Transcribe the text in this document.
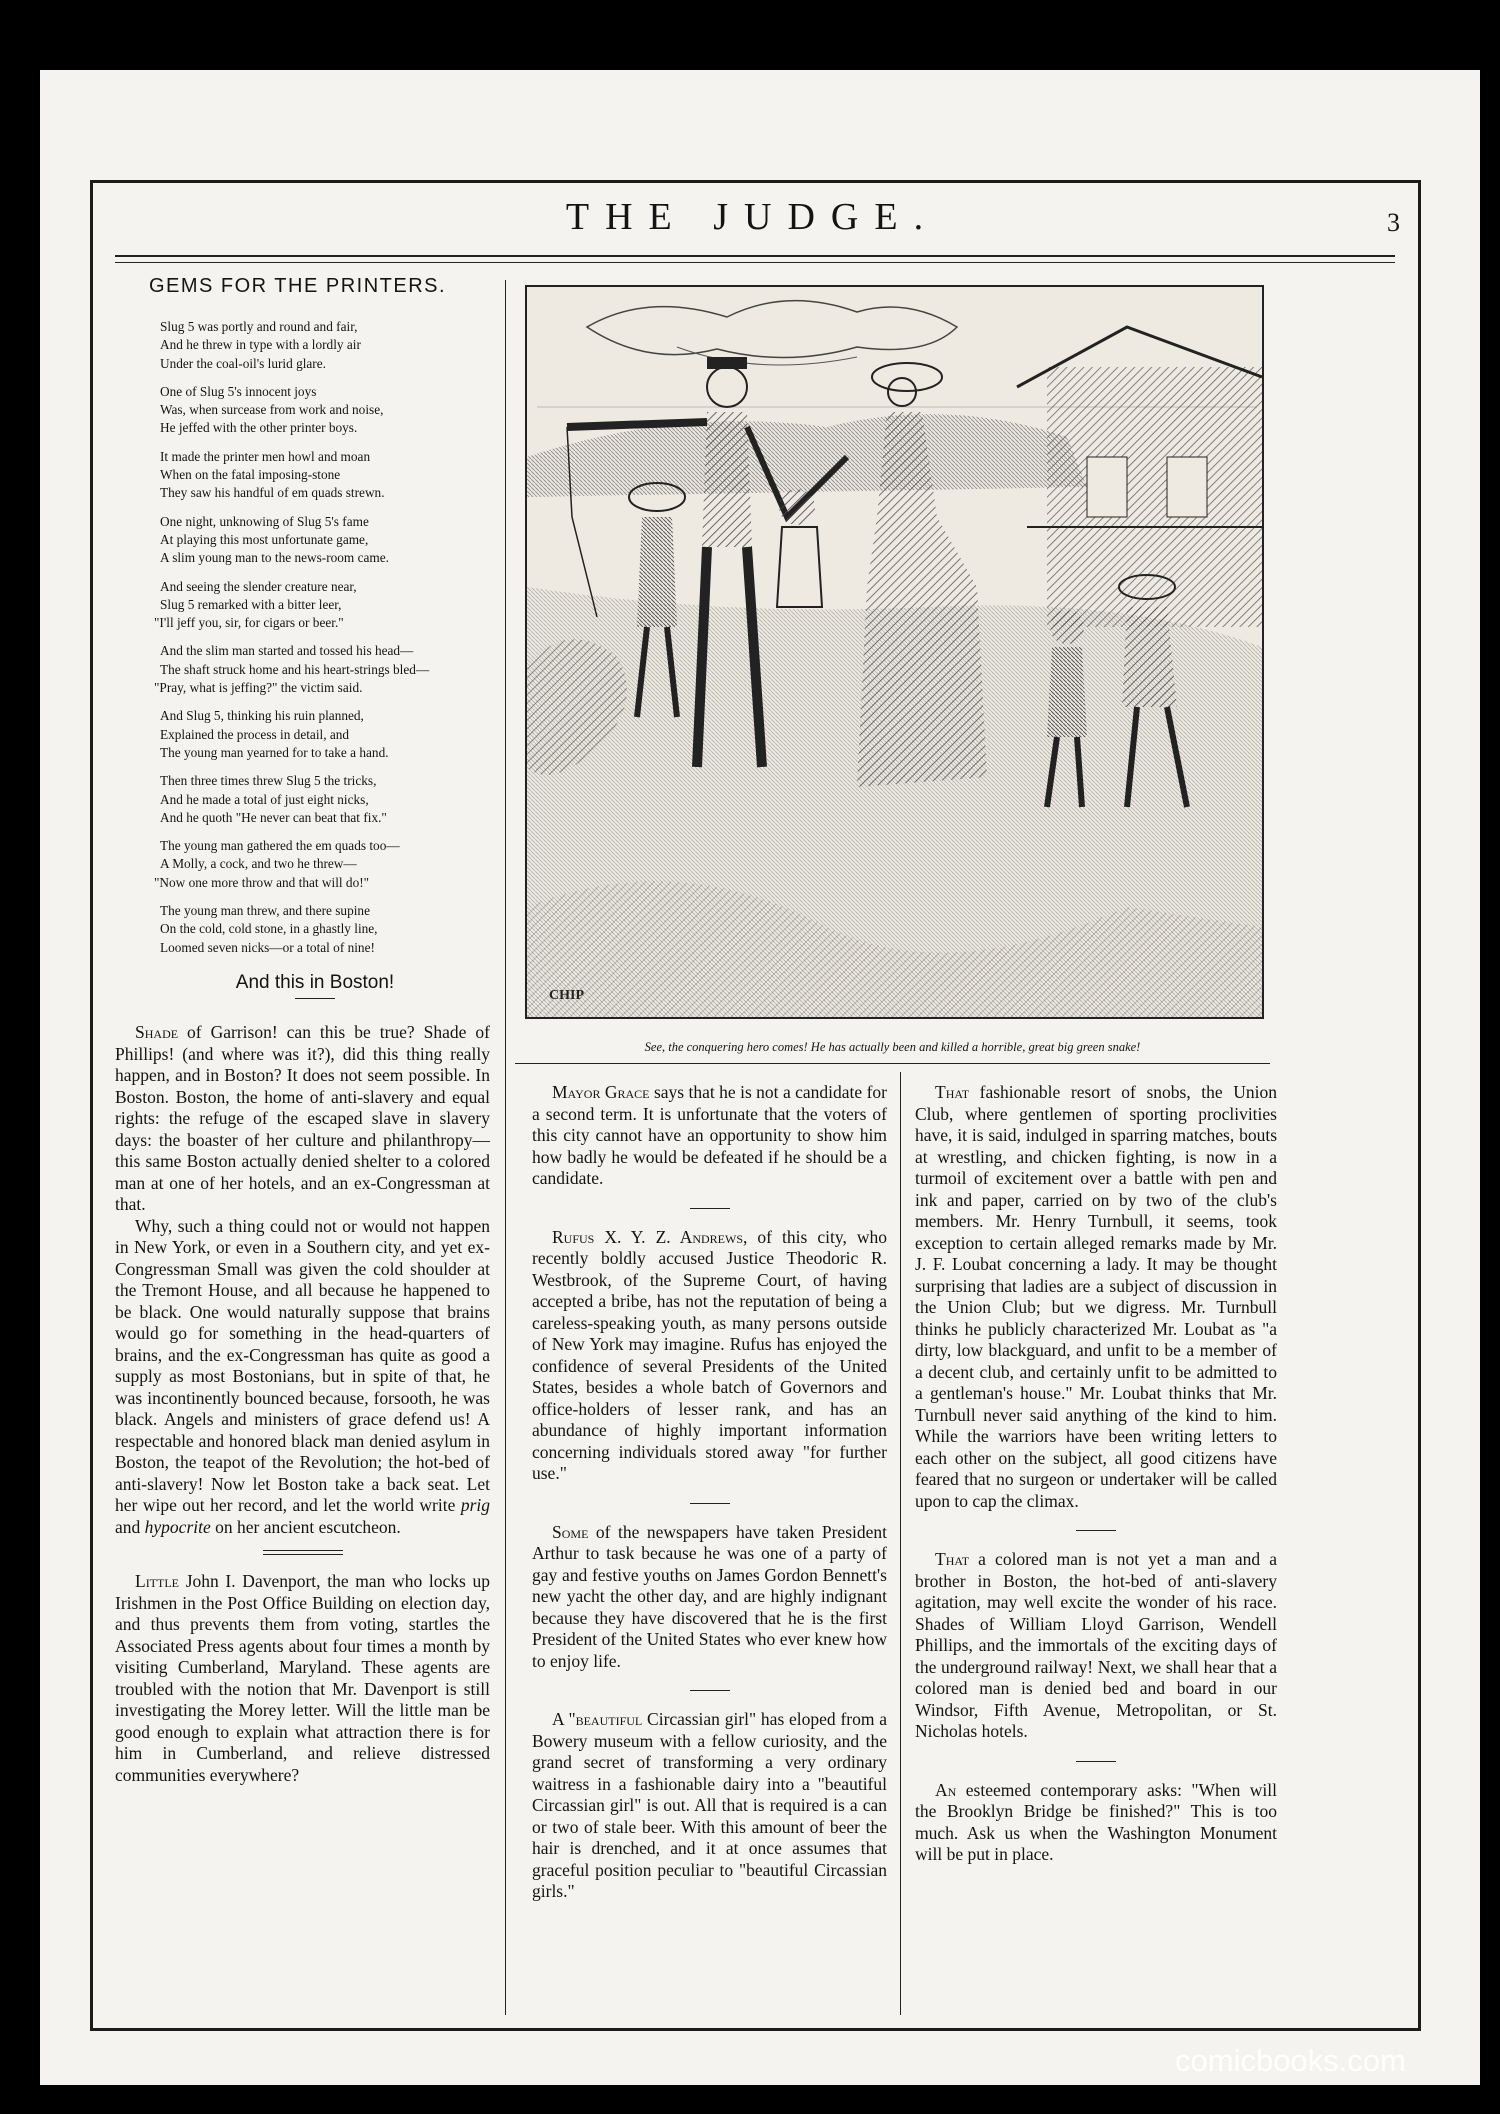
THE JUDGE.	3
GEMS FOR THE PRINTERS.
Slug 5 was portly and round and fair,
And he threw in type with a lordly air
Under the coal-oil's lurid glare.
One of Slug 5's innocent joys
Was, when surcease from work and noise,
He jeffed with the other printer boys.
It made the printer men howl and moan
When on the fatal imposing-stone
They saw his handful of em quads strewn.
One night, unknowing of Slug 5's fame
At playing this most unfortunate game,
A slim young man to the news-room came.
And seeing the slender creature near,
Slug 5 remarked with a bitter leer,
"I'll jeff you, sir, for cigars or beer."
And the slim man started and tossed his head—
The shaft struck home and his heart-strings bled—
"Pray, what is jeffing?" the victim said.
And Slug 5, thinking his ruin planned,
Explained the process in detail, and
The young man yearned for to take a hand.
Then three times threw Slug 5 the tricks,
And he made a total of just eight nicks,
And he quoth "He never can beat that fix."
The young man gathered the em quads too—
A Molly, a cock, and two he threw—
"Now one more throw and that will do!"
The young man threw, and there supine
On the cold, cold stone, in a ghastly line,
Loomed seven nicks—or a total of nine!
And this in Boston!

Shade of Garrison! can this be true? Shade of Phillips! (and where was it?), did this thing really happen, and in Boston? It does not seem possible. In Boston. Boston, the home of anti-slavery and equal rights: the refuge of the escaped slave in slavery days: the boaster of her culture and philanthropy—this same Boston actually denied shelter to a colored man at one of her hotels, and an ex-Congressman at that.

Why, such a thing could not or would not happen in New York, or even in a Southern city, and yet ex-Congressman Small was given the cold shoulder at the Tremont House, and all because he happened to be black. One would naturally suppose that brains would go for something in the head-quarters of brains, and the ex-Congressman has quite as good a supply as most Bostonians, but in spite of that, he was incontinently bounced because, forsooth, he was black. Angels and ministers of grace defend us! A respectable and honored black man denied asylum in Boston, the teapot of the Revolution; the hot-bed of anti-slavery! Now let Boston take a back seat. Let her wipe out her record, and let the world write prig and hypocrite on her ancient escutcheon.

Little John I. Davenport, the man who locks up Irishmen in the Post Office Building on election day, and thus prevents them from voting, startles the Associated Press agents about four times a month by visiting Cumberland, Maryland. These agents are troubled with the notion that Mr. Davenport is still investigating the Morey letter. Will the little man be good enough to explain what attraction there is for him in Cumberland, and relieve distressed communities everywhere?

CHIP
See, the conquering hero comes! He has actually been and killed a horrible, great big green snake!

Mayor Grace says that he is not a candidate for a second term. It is unfortunate that the voters of this city cannot have an opportunity to show him how badly he would be defeated if he should be a candidate.

Rufus X. Y. Z. Andrews, of this city, who recently boldly accused Justice Theodoric R. Westbrook, of the Supreme Court, of having accepted a bribe, has not the reputation of being a careless-speaking youth, as many persons outside of New York may imagine. Rufus has enjoyed the confidence of several Presidents of the United States, besides a whole batch of Governors and office-holders of lesser rank, and has an abundance of highly important information concerning individuals stored away "for further use."

Some of the newspapers have taken President Arthur to task because he was one of a party of gay and festive youths on James Gordon Bennett's new yacht the other day, and are highly indignant because they have discovered that he is the first President of the United States who ever knew how to enjoy life.

A "beautiful Circassian girl" has eloped from a Bowery museum with a fellow curiosity, and the grand secret of transforming a very ordinary waitress in a fashionable dairy into a "beautiful Circassian girl" is out. All that is required is a can or two of stale beer. With this amount of beer the hair is drenched, and it at once assumes that graceful position peculiar to "beautiful Circassian girls."

That fashionable resort of snobs, the Union Club, where gentlemen of sporting proclivities have, it is said, indulged in sparring matches, bouts at wrestling, and chicken fighting, is now in a turmoil of excitement over a battle with pen and ink and paper, carried on by two of the club's members. Mr. Henry Turnbull, it seems, took exception to certain alleged remarks made by Mr. J. F. Loubat concerning a lady. It may be thought surprising that ladies are a subject of discussion in the Union Club; but we digress. Mr. Turnbull thinks he publicly characterized Mr. Loubat as "a dirty, low blackguard, and unfit to be a member of a decent club, and certainly unfit to be admitted to a gentleman's house." Mr. Loubat thinks that Mr. Turnbull never said anything of the kind to him. While the warriors have been writing letters to each other on the subject, all good citizens have feared that no surgeon or undertaker will be called upon to cap the climax.

That a colored man is not yet a man and a brother in Boston, the hot-bed of anti-slavery agitation, may well excite the wonder of his race. Shades of William Lloyd Garrison, Wendell Phillips, and the immortals of the exciting days of the underground railway! Next, we shall hear that a colored man is denied bed and board in our Windsor, Fifth Avenue, Metropolitan, or St. Nicholas hotels.

An esteemed contemporary asks: "When will the Brooklyn Bridge be finished?" This is too much. Ask us when the Washington Monument will be put in place.

comicbooks.com
